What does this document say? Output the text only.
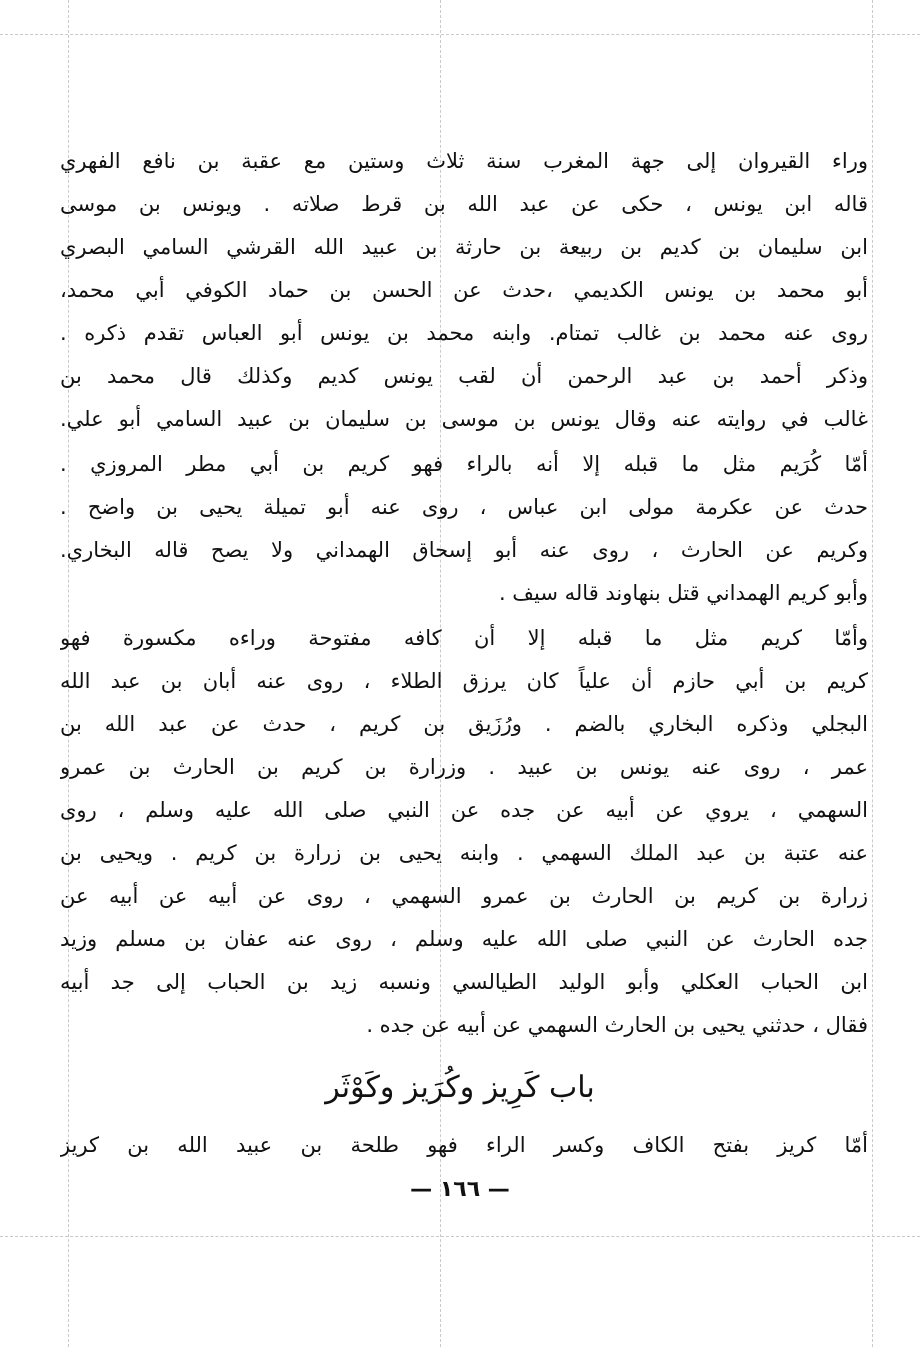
وراء القيروان إلى جهة المغرب سنة ثلاث وستين مع عقبة بن نافع الفهري
قاله ابن يونس ، حكى عن عبد الله بن قرط صلاته . ويونس بن موسى
ابن سليمان بن كديم بن ربيعة بن حارثة بن عبيد الله القرشي السامي البصري
أبو محمد بن يونس الكديمي ،حدث عن الحسن بن حماد الكوفي أبي محمد،
روى عنه محمد بن غالب تمتام. وابنه محمد بن يونس أبو العباس تقدم ذكره .
وذكر أحمد بن عبد الرحمن أن لقب يونس كديم وكذلك قال محمد بن
غالب في روايته عنه وقال يونس بن موسى بن سليمان بن عبيد السامي أبو علي.
أمّا كُرَيم مثل ما قبله إلا أنه بالراء فهو كريم بن أبي مطر المروزي .
حدث عن عكرمة مولى ابن عباس ، روى عنه أبو تميلة يحيى بن واضح .
وكريم عن الحارث ، روى عنه أبو إسحاق الهمداني ولا يصح قاله البخاري.
وأبو كريم الهمداني قتل بنهاوند قاله سيف .
وأمّا كريم مثل ما قبله إلا أن كافه مفتوحة وراءه مكسورة فهو
كريم بن أبي حازم أن علياً كان يرزق الطلاء ، روى عنه أبان بن عبد الله
البجلي وذكره البخاري بالضم . ورُزَيق بن كريم ، حدث عن عبد الله بن
عمر ، روى عنه يونس بن عبيد . وزرارة بن كريم بن الحارث بن عمرو
السهمي ، يروي عن أبيه عن جده عن النبي صلى الله عليه وسلم ، روى
عنه عتبة بن عبد الملك السهمي . وابنه يحيى بن زرارة بن كريم . ويحيى بن
زرارة بن كريم بن الحارث بن عمرو السهمي ، روى عن أبيه عن أبيه عن
جده الحارث عن النبي صلى الله عليه وسلم ، روى عنه عفان بن مسلم وزيد
ابن الحباب العكلي وأبو الوليد الطيالسي ونسبه زيد بن الحباب إلى جد أبيه
فقال ، حدثني يحيى بن الحارث السهمي عن أبيه عن جده .
باب كَرِيز وكُرَيز وكَوْثَر
أمّا كريز بفتح الكاف وكسر الراء فهو طلحة بن عبيد الله بن كريز
— ١٦٦ —
